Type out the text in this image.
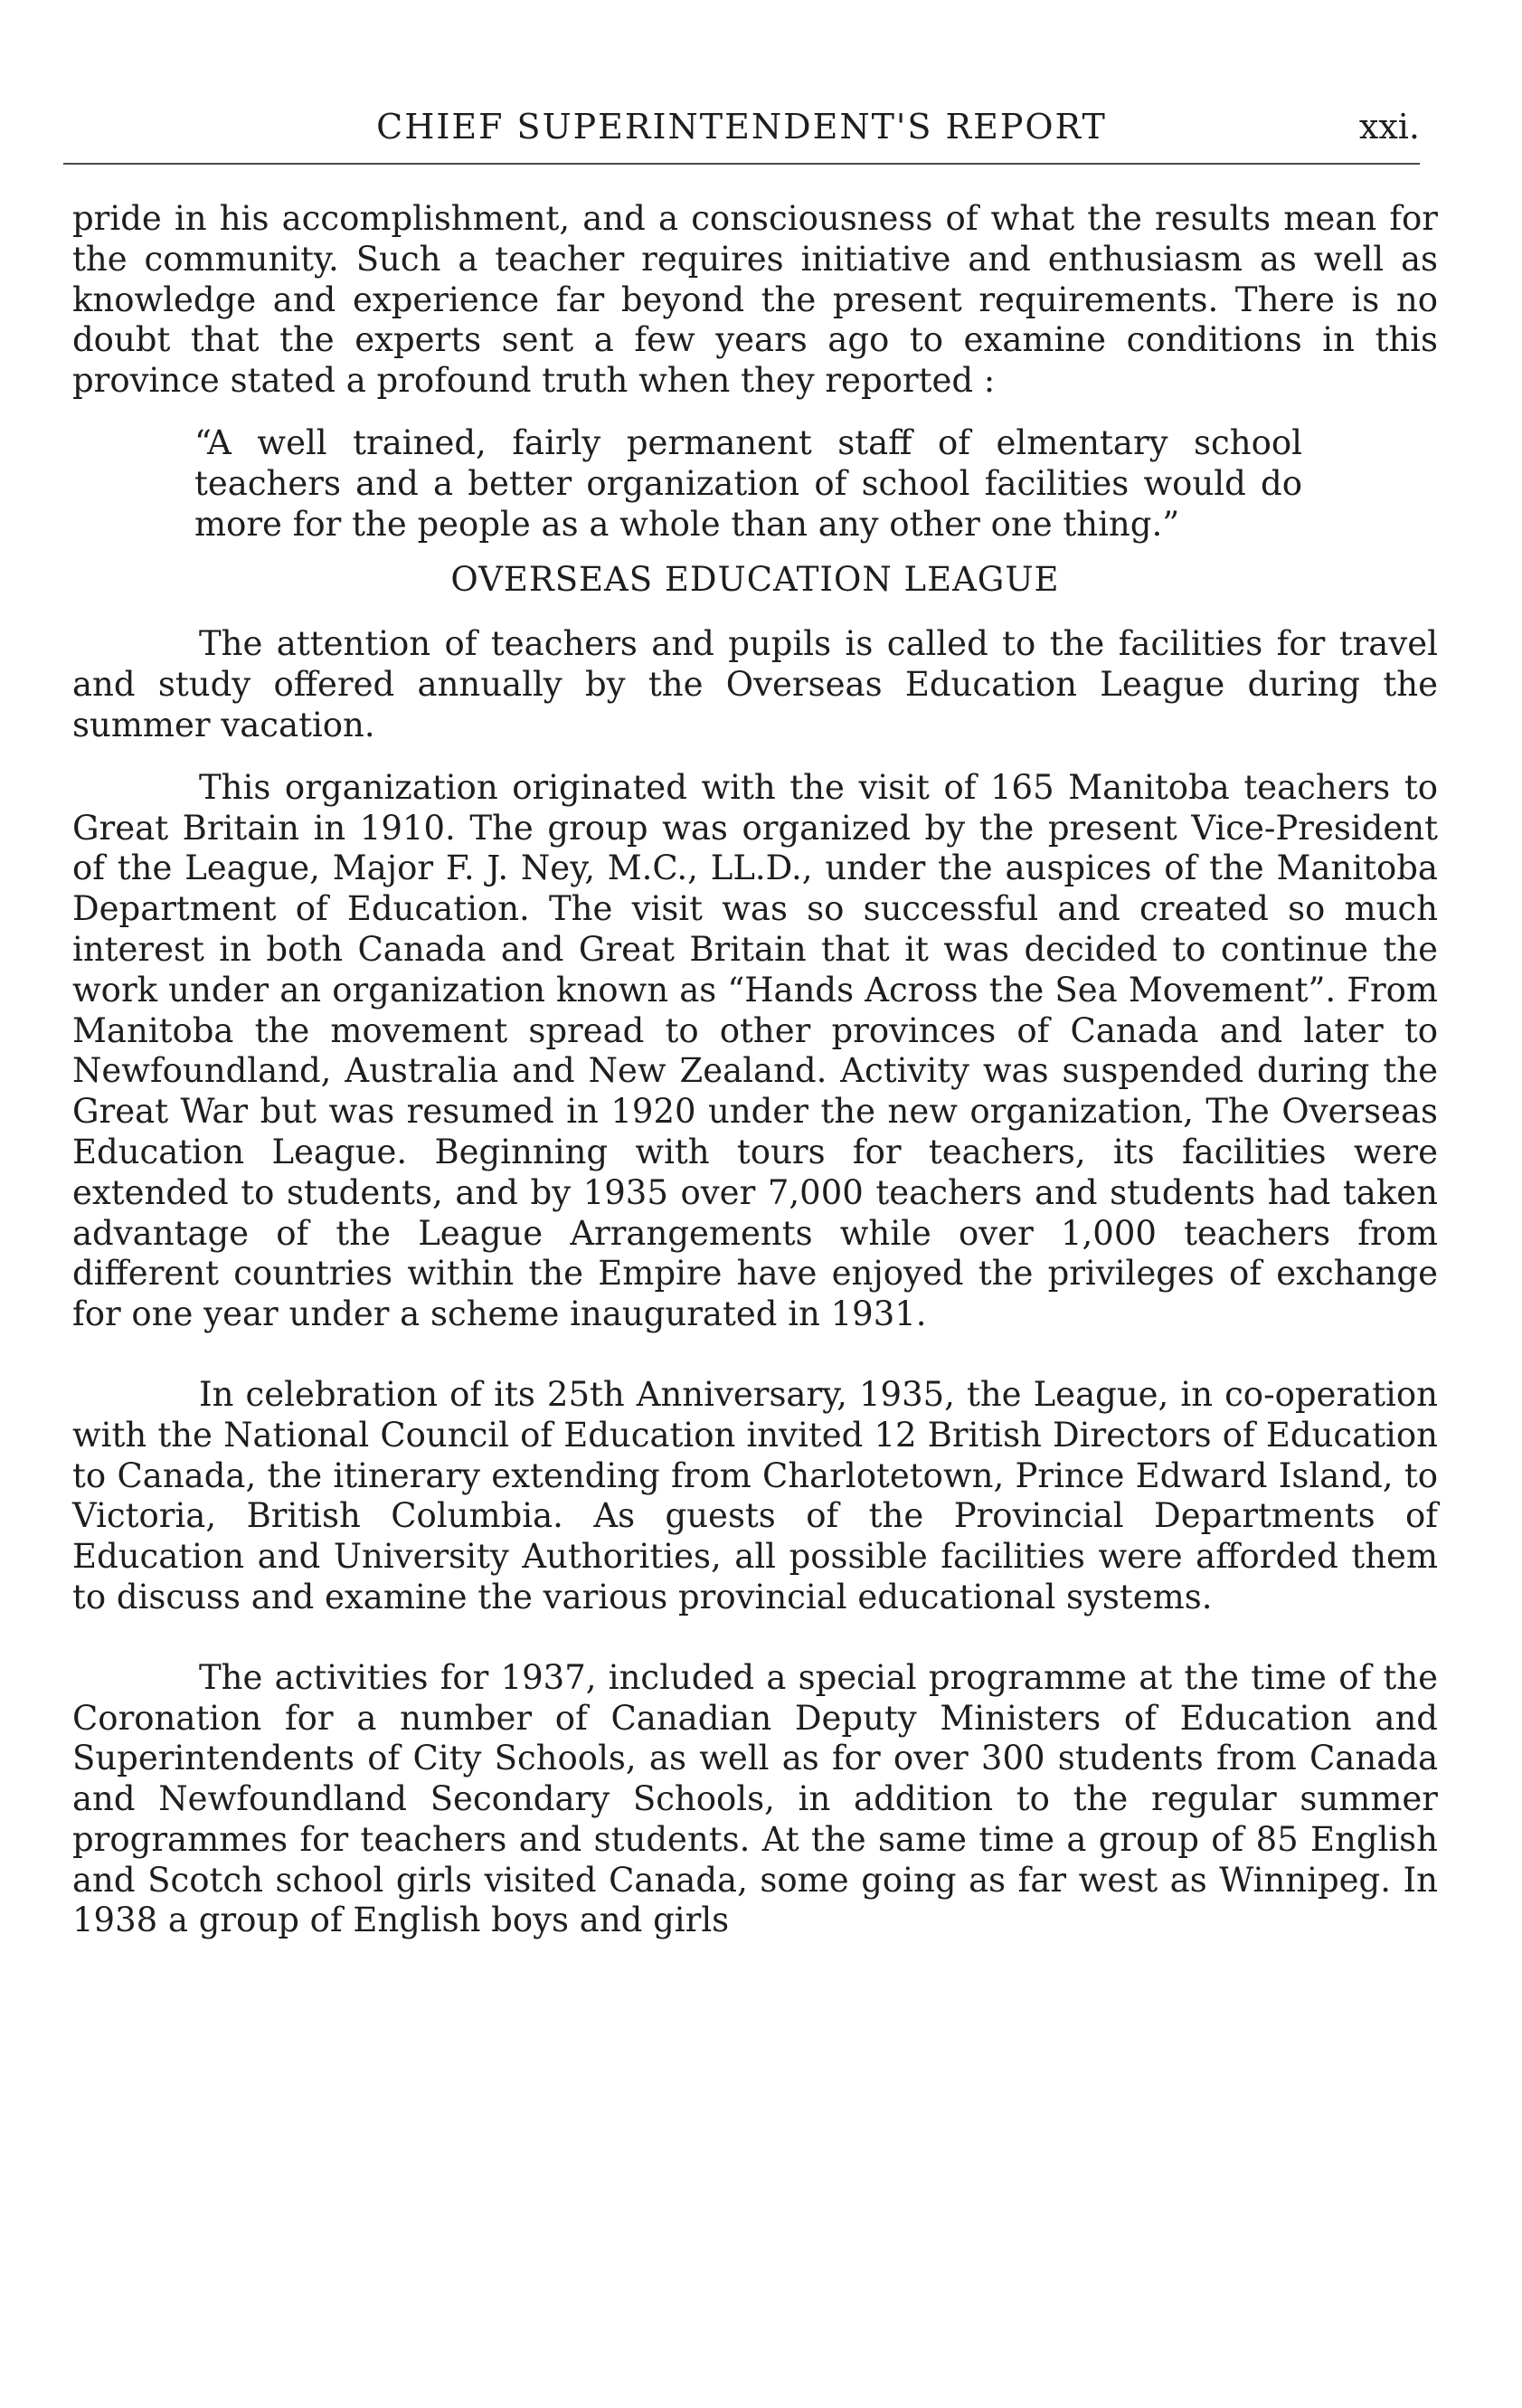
CHIEF SUPERINTENDENT'S REPORT	xxi.

pride in his accomplishment, and a consciousness of what the results mean for the community. Such a teacher requires initiative and enthusiasm as well as knowledge and experience far beyond the present requirements. There is no doubt that the experts sent a few years ago to examine conditions in this province stated a profound truth when they reported :

“A well trained, fairly permanent staff of elmentary school teachers and a better organization of school facilities would do more for the people as a whole than any other one thing.”

OVERSEAS EDUCATION LEAGUE

The attention of teachers and pupils is called to the facilities for travel and study offered annually by the Overseas Education League during the summer vacation.

This organization originated with the visit of 165 Manitoba teachers to Great Britain in 1910. The group was organized by the present Vice-President of the League, Major F. J. Ney, M.C., LL.D., under the auspices of the Manitoba Department of Education. The visit was so successful and created so much interest in both Canada and Great Britain that it was decided to continue the work under an organization known as “Hands Across the Sea Movement”. From Manitoba the movement spread to other provinces of Canada and later to Newfoundland, Australia and New Zealand. Activity was suspended during the Great War but was resumed in 1920 under the new organization, The Overseas Education League. Beginning with tours for teachers, its facilities were extended to students, and by 1935 over 7,000 teachers and students had taken advantage of the League Arrangements while over 1,000 teachers from different countries within the Empire have enjoyed the privileges of exchange for one year under a scheme inaugurated in 1931.

In celebration of its 25th Anniversary, 1935, the League, in co-operation with the National Council of Education invited 12 British Directors of Education to Canada, the itinerary extending from Charlotetown, Prince Edward Island, to Victoria, British Columbia. As guests of the Provincial Departments of Education and University Authorities, all possible facilities were afforded them to discuss and examine the various provincial educational systems.

The activities for 1937, included a special programme at the time of the Coronation for a number of Canadian Deputy Ministers of Education and Superintendents of City Schools, as well as for over 300 students from Canada and Newfoundland Secondary Schools, in addition to the regular summer programmes for teachers and students. At the same time a group of 85 English and Scotch school girls visited Canada, some going as far west as Winnipeg. In 1938 a group of English boys and girls
